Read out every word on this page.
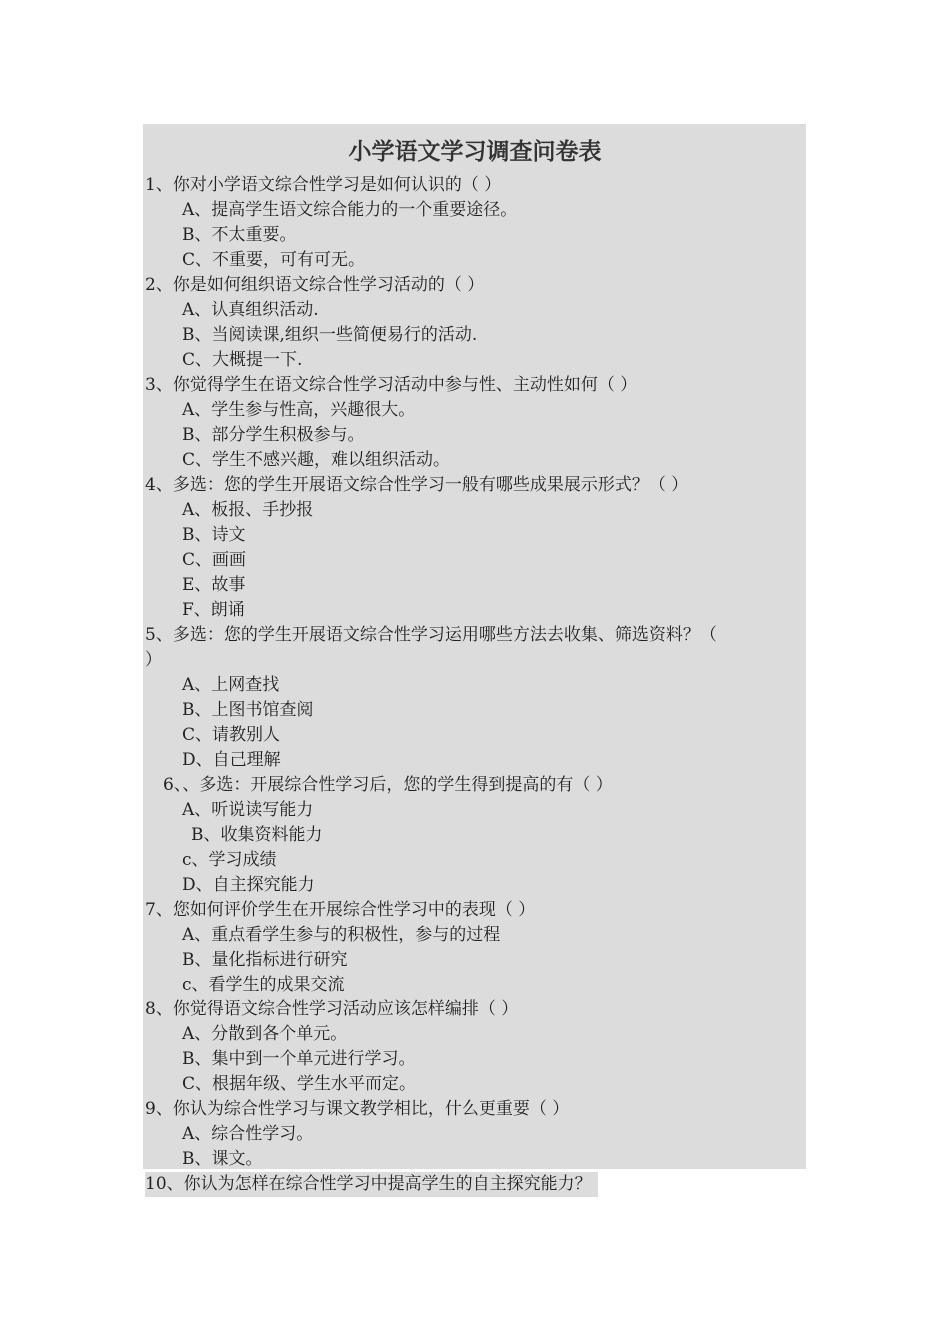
小学语文学习调查问卷表
1、你对小学语文综合性学习是如何认识的（ ）
A、提高学生语文综合能力的一个重要途径。
B、不太重要。
C、不重要，可有可无。
2、你是如何组织语文综合性学习活动的（ ）
A、认真组织活动.
B、当阅读课,组织一些简便易行的活动.
C、大概提一下.
3、你觉得学生在语文综合性学习活动中参与性、主动性如何（ ）
A、学生参与性高，兴趣很大。
B、部分学生积极参与。
C、学生不感兴趣，难以组织活动。
4、多选：您的学生开展语文综合性学习一般有哪些成果展示形式？（ ）
A、板报、手抄报
B、诗文
C、画画
E、故事
F、朗诵
5、多选：您的学生开展语文综合性学习运用哪些方法去收集、筛选资料？（
）
A、上网查找
B、上图书馆查阅
C、请教别人
D、自己理解
6、、多选：开展综合性学习后，您的学生得到提高的有（ ）
A、听说读写能力
B、收集资料能力
c、学习成绩
D、自主探究能力
7、您如何评价学生在开展综合性学习中的表现（ ）
A、重点看学生参与的积极性，参与的过程
B、量化指标进行研究
c、看学生的成果交流
8、你觉得语文综合性学习活动应该怎样编排（ ）
A、分散到各个单元。
B、集中到一个单元进行学习。
C、根据年级、学生水平而定。
9、你认为综合性学习与课文教学相比，什么更重要（ ）
A、综合性学习。
B、课文。
10、你认为怎样在综合性学习中提高学生的自主探究能力？
